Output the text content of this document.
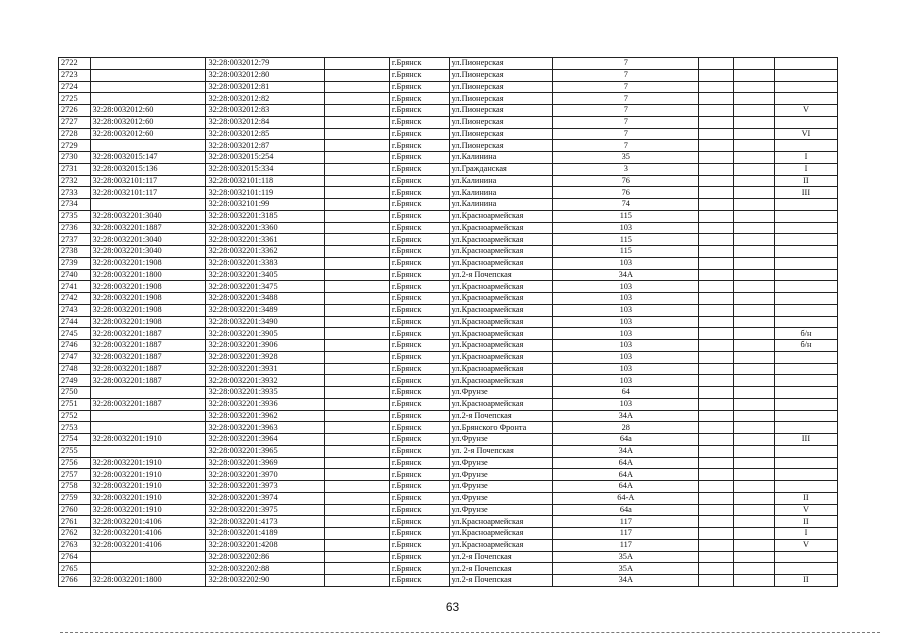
2722		32:28:0032012:79		г.Брянск	ул.Пионерская	7			
2723		32:28:0032012:80		г.Брянск	ул.Пионерская	7			
2724		32:28:0032012:81		г.Брянск	ул.Пионерская	7			
2725		32:28:0032012:82		г.Брянск	ул.Пионерская	7			
2726	32:28:0032012:60	32:28:0032012:83		г.Брянск	ул.Пионерская	7			V
2727	32:28:0032012:60	32:28:0032012:84		г.Брянск	ул.Пионерская	7			
2728	32:28:0032012:60	32:28:0032012:85		г.Брянск	ул.Пионерская	7			VI
2729		32:28:0032012:87		г.Брянск	ул.Пионерская	7			
2730	32:28:0032015:147	32:28:0032015:254		г.Брянск	ул.Калинина	35			I
2731	32:28:0032015:136	32:28:0032015:334		г.Брянск	ул.Гражданская	3			I
2732	32:28:0032101:117	32:28:0032101:118		г.Брянск	ул.Калинина	76			II
2733	32:28:0032101:117	32:28:0032101:119		г.Брянск	ул.Калинина	76			III
2734		32:28:0032101:99		г.Брянск	ул.Калинина	74			
2735	32:28:0032201:3040	32:28:0032201:3185		г.Брянск	ул.Красноармейская	115			
2736	32:28:0032201:1887	32:28:0032201:3360		г.Брянск	ул.Красноармейская	103			
2737	32:28:0032201:3040	32:28:0032201:3361		г.Брянск	ул.Красноармейская	115			
2738	32:28:0032201:3040	32:28:0032201:3362		г.Брянск	ул.Красноармейская	115			
2739	32:28:0032201:1908	32:28:0032201:3383		г.Брянск	ул.Красноармейская	103			
2740	32:28:0032201:1800	32:28:0032201:3405		г.Брянск	ул.2-я Почепская	34А			
2741	32:28:0032201:1908	32:28:0032201:3475		г.Брянск	ул.Красноармейская	103			
2742	32:28:0032201:1908	32:28:0032201:3488		г.Брянск	ул.Красноармейская	103			
2743	32:28:0032201:1908	32:28:0032201:3489		г.Брянск	ул.Красноармейская	103			
2744	32:28:0032201:1908	32:28:0032201:3490		г.Брянск	ул.Красноармейская	103			
2745	32:28:0032201:1887	32:28:0032201:3905		г.Брянск	ул.Красноармейская	103			б/н
2746	32:28:0032201:1887	32:28:0032201:3906		г.Брянск	ул.Красноармейская	103			б/н
2747	32:28:0032201:1887	32:28:0032201:3928		г.Брянск	ул.Красноармейская	103			
2748	32:28:0032201:1887	32:28:0032201:3931		г.Брянск	ул.Красноармейская	103			
2749	32:28:0032201:1887	32:28:0032201:3932		г.Брянск	ул.Красноармейская	103			
2750		32:28:0032201:3935		г.Брянск	ул.Фрунзе	64			
2751	32:28:0032201:1887	32:28:0032201:3936		г.Брянск	ул.Красноармейская	103			
2752		32:28:0032201:3962		г.Брянск	ул.2-я Почепская	34А			
2753		32:28:0032201:3963		г.Брянск	ул.Брянского Фронта	28			
2754	32:28:0032201:1910	32:28:0032201:3964		г.Брянск	ул.Фрунзе	64а			III
2755		32:28:0032201:3965		г.Брянск	ул. 2-я Почепская	34А			
2756	32:28:0032201:1910	32:28:0032201:3969		г.Брянск	ул.Фрунзе	64А			
2757	32:28:0032201:1910	32:28:0032201:3970		г.Брянск	ул.Фрунзе	64А			
2758	32:28:0032201:1910	32:28:0032201:3973		г.Брянск	ул.Фрунзе	64А			
2759	32:28:0032201:1910	32:28:0032201:3974		г.Брянск	ул.Фрунзе	64-А			II
2760	32:28:0032201:1910	32:28:0032201:3975		г.Брянск	ул.Фрунзе	64а			V
2761	32:28:0032201:4106	32:28:0032201:4173		г.Брянск	ул.Красноармейская	117			II
2762	32:28:0032201:4106	32:28:0032201:4189		г.Брянск	ул.Красноармейская	117			I
2763	32:28:0032201:4106	32:28:0032201:4208		г.Брянск	ул.Красноармейская	117			V
2764		32:28:0032202:86		г.Брянск	ул.2-я Почепская	35А			
2765		32:28:0032202:88		г.Брянск	ул.2-я Почепская	35А			
2766	32:28:0032201:1800	32:28:0032202:90		г.Брянск	ул.2-я Почепская	34А			II
63
